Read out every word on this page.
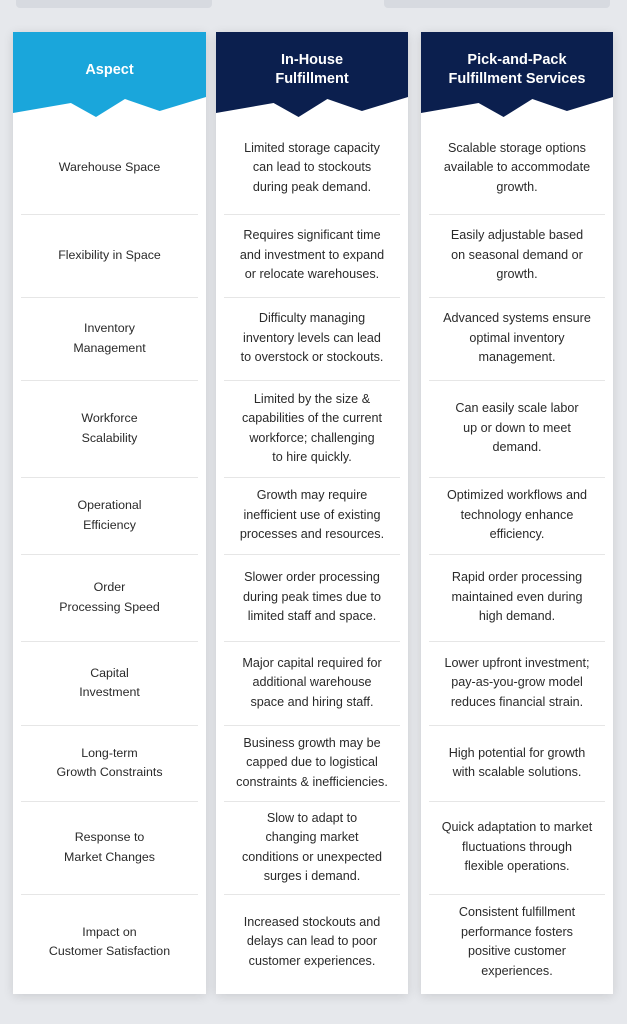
Aspect
Warehouse Space
Flexibility in Space
Inventory
Management
Workforce
Scalability
Operational
Efficiency
Order
Processing Speed
Capital
Investment
Long-term
Growth Constraints
Response to
Market Changes
Impact on
Customer Satisfaction
In-House
Fulfillment
Limited storage capacity
can lead to stockouts
during peak demand.
Requires significant time
and investment to expand
or relocate warehouses.
Difficulty managing
inventory levels can lead
to overstock or stockouts.
Limited by the size &
capabilities of the current
workforce; challenging
to hire quickly.
Growth may require
inefficient use of existing
processes and resources.
Slower order processing
during peak times due to
limited staff and space.
Major capital required for
additional warehouse
space and hiring staff.
Business growth may be
capped due to logistical
constraints & inefficiencies.
Slow to adapt to
changing market
conditions or unexpected
surges i demand.
Increased stockouts and
delays can lead to poor
customer experiences.
Pick-and-Pack
Fulfillment Services
Scalable storage options
available to accommodate
growth.
Easily adjustable based
on seasonal demand or
growth.
Advanced systems ensure
optimal inventory
management.
Can easily scale labor
up or down to meet
demand.
Optimized workflows and
technology enhance
efficiency.
Rapid order processing
maintained even during
high demand.
Lower upfront investment;
pay-as-you-grow model
reduces financial strain.
High potential for growth
with scalable solutions.
Quick adaptation to market
fluctuations through
flexible operations.
Consistent fulfillment
performance fosters
positive customer
experiences.
